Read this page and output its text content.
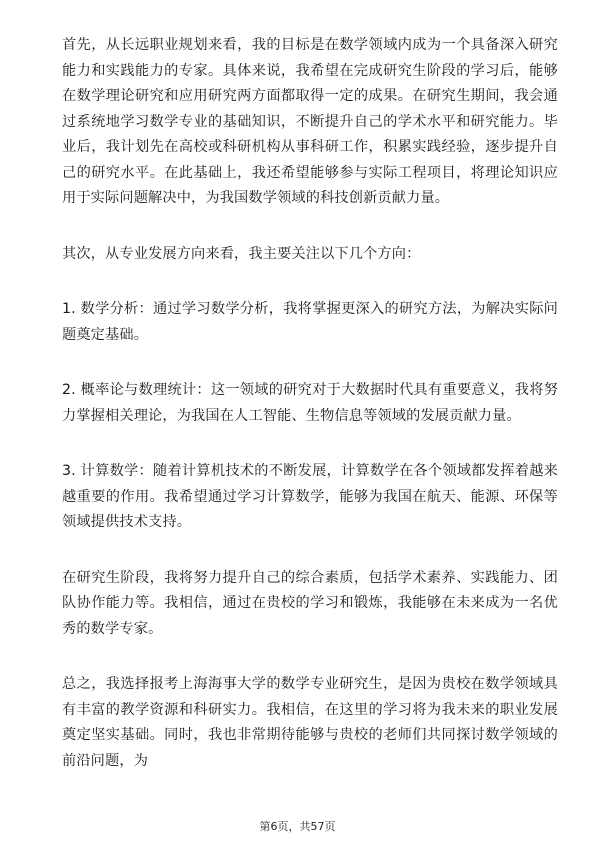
首先，从长远职业规划来看，我的目标是在数学领域内成为一个具备深入研究能力和实践能力的专家。具体来说，我希望在完成研究生阶段的学习后，能够在数学理论研究和应用研究两方面都取得一定的成果。在研究生期间，我会通过系统地学习数学专业的基础知识，不断提升自己的学术水平和研究能力。毕业后，我计划先在高校或科研机构从事科研工作，积累实践经验，逐步提升自己的研究水平。在此基础上，我还希望能够参与实际工程项目，将理论知识应用于实际问题解决中，为我国数学领域的科技创新贡献力量。

其次，从专业发展方向来看，我主要关注以下几个方向：

1. 数学分析：通过学习数学分析，我将掌握更深入的研究方法，为解决实际问题奠定基础。

2. 概率论与数理统计：这一领域的研究对于大数据时代具有重要意义，我将努力掌握相关理论，为我国在人工智能、生物信息等领域的发展贡献力量。

3. 计算数学：随着计算机技术的不断发展，计算数学在各个领域都发挥着越来越重要的作用。我希望通过学习计算数学，能够为我国在航天、能源、环保等领域提供技术支持。

在研究生阶段，我将努力提升自己的综合素质，包括学术素养、实践能力、团队协作能力等。我相信，通过在贵校的学习和锻炼，我能够在未来成为一名优秀的数学专家。

总之，我选择报考上海海事大学的数学专业研究生，是因为贵校在数学领域具有丰富的教学资源和科研实力。我相信，在这里的学习将为我未来的职业发展奠定坚实基础。同时，我也非常期待能够与贵校的老师们共同探讨数学领域的前沿问题，为

第6页，共57页
